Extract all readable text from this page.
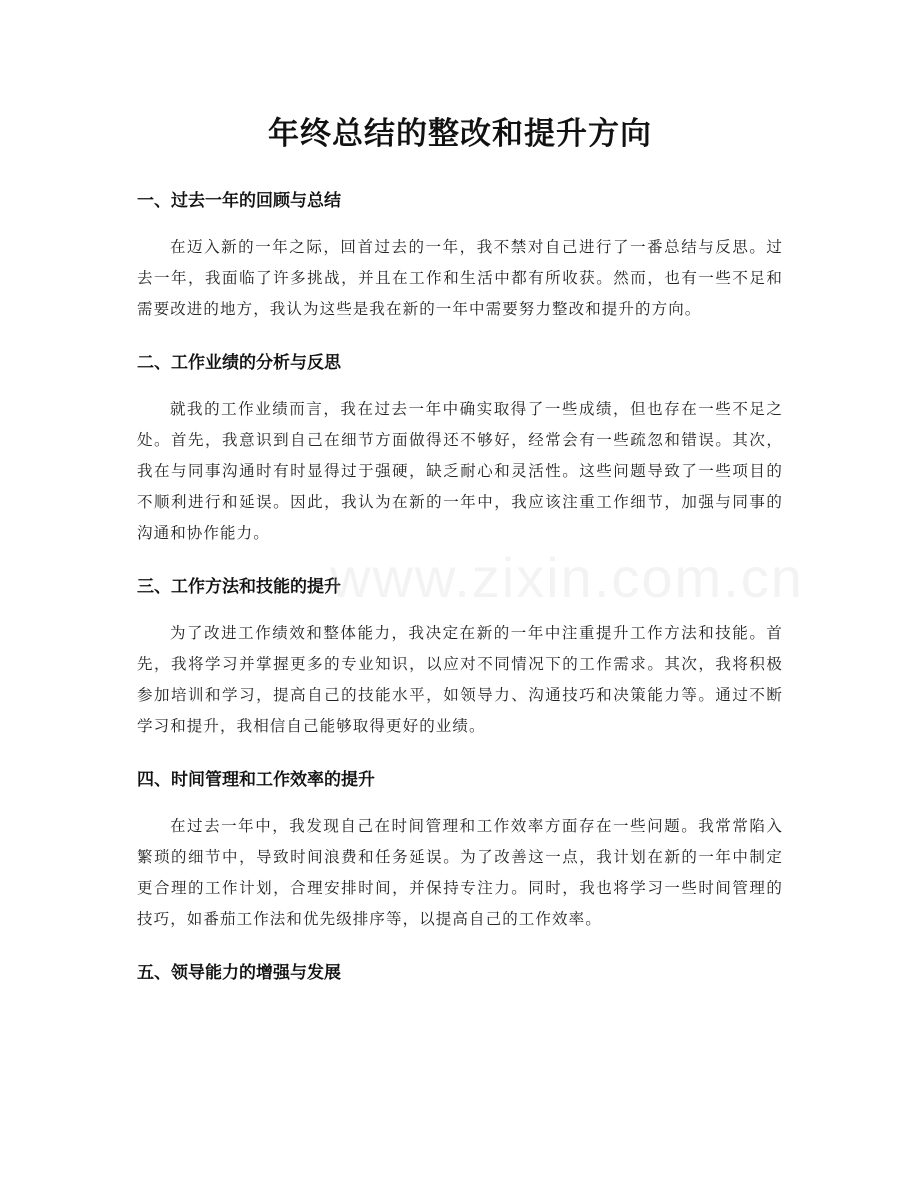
年终总结的整改和提升方向
一、过去一年的回顾与总结

在迈入新的一年之际，回首过去的一年，我不禁对自己进行了一番总结与反思。过去一年，我面临了许多挑战，并且在工作和生活中都有所收获。然而，也有一些不足和需要改进的地方，我认为这些是我在新的一年中需要努力整改和提升的方向。

二、工作业绩的分析与反思

就我的工作业绩而言，我在过去一年中确实取得了一些成绩，但也存在一些不足之处。首先，我意识到自己在细节方面做得还不够好，经常会有一些疏忽和错误。其次，我在与同事沟通时有时显得过于强硬，缺乏耐心和灵活性。这些问题导致了一些项目的不顺利进行和延误。因此，我认为在新的一年中，我应该注重工作细节，加强与同事的沟通和协作能力。

三、工作方法和技能的提升

为了改进工作绩效和整体能力，我决定在新的一年中注重提升工作方法和技能。首先，我将学习并掌握更多的专业知识，以应对不同情况下的工作需求。其次，我将积极参加培训和学习，提高自己的技能水平，如领导力、沟通技巧和决策能力等。通过不断学习和提升，我相信自己能够取得更好的业绩。

四、时间管理和工作效率的提升

在过去一年中，我发现自己在时间管理和工作效率方面存在一些问题。我常常陷入繁琐的细节中，导致时间浪费和任务延误。为了改善这一点，我计划在新的一年中制定更合理的工作计划，合理安排时间，并保持专注力。同时，我也将学习一些时间管理的技巧，如番茄工作法和优先级排序等，以提高自己的工作效率。

五、领导能力的增强与发展
www.zixin.com.cn
